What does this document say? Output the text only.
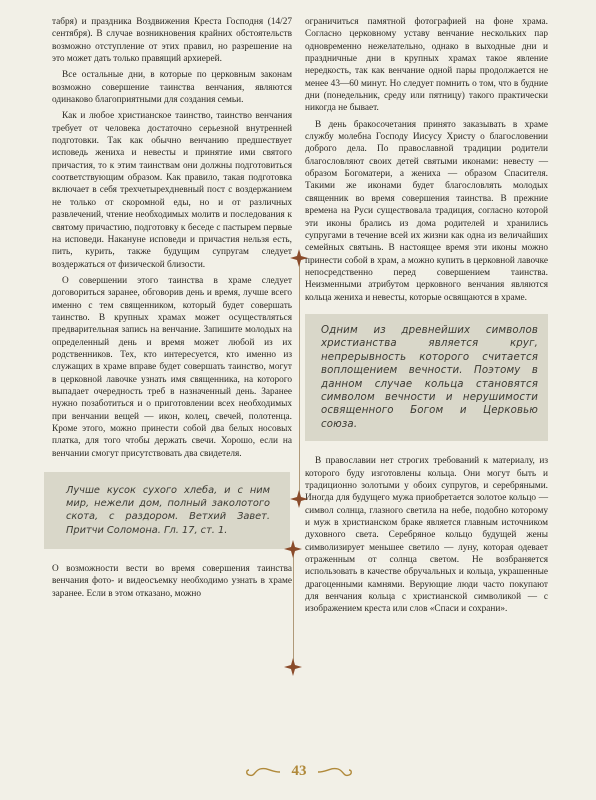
табря) и праздника Воздвижения Креста Господня (14/27 сентября). В случае возникновения крайних обстоятельств возможно отступление от этих правил, но разрешение на это может дать только правящий архиерей.

Все остальные дни, в которые по церковным законам возможно совершение таинства венчания, являются одинаково благоприятными для создания семьи.

Как и любое христианское таинство, таинство венчания требует от человека достаточно серьезной внутренней подготовки. Так как обычно венчанию предшествует исповедь жениха и невесты и принятие ими святого причастия, то к этим таинствам они должны подготовиться соответствующим образом. Как правило, такая подготовка включает в себя трехчетырехдневный пост с воздержанием не только от скоромной еды, но и от различных развлечений, чтение необходимых молитв и последования к святому причастию, подготовку к беседе с пастырем первые на исповеди. Накануне исповеди и причастия нельзя есть, пить, курить, также будущим супругам следует воздержаться от физической близости.

О совершении этого таинства в храме следует договориться заранее, обговорив день и время, лучше всего именно с тем священником, который будет совершать таинство. В крупных храмах может осуществляться предварительная запись на венчание. Запишите молодых на определенный день и время может любой из их родственников. Тех, кто интересуется, кто именно из служащих в храме вправе будет совершать таинство, могут в церковной лавочке узнать имя священника, на которого выпадает очередность треб в назначенный день. Заранее нужно позаботиться и о приготовлении всех необходимых при венчании вещей — икон, колец, свечей, полотенца. Кроме этого, можно принести собой два белых носовых платка, для того чтобы держать свечи. Хорошо, если на венчании смогут присутствовать два свидетеля.

Лучше кусок сухого хлеба, и с ним мир, нежели дом, полный заколотого скота, с раздором. Ветхий Завет. Притчи Соломона. Гл. 17, ст. 1.

О возможности вести во время совершения таинства венчания фото- и видеосъемку необходимо узнать в храме заранее. Если в этом отказано, можно

ограничиться памятной фотографией на фоне храма. Согласно церковному уставу венчание нескольких пар одновременно нежелательно, однако в выходные дни и праздничные дни в крупных храмах такое явление нередкость, так как венчание одной пары продолжается не менее 43—60 минут. Но следует помнить о том, что в будние дни (понедельник, среду или пятницу) такого практически никогда не бывает.

В день бракосочетания принято заказывать в храме службу молебна Господу Иисусу Христу о благословении доброго дела. По православной традиции родители благословляют своих детей святыми иконами: невесту — образом Богоматери, а жениха — образом Спасителя. Такими же иконами будет благословлять молодых священник во время совершения таинства. В прежние времена на Руси существовала традиция, согласно которой эти иконы брались из дома родителей и хранились супругами в течение всей их жизни как одна из величайших семейных святынь. В настоящее время эти иконы можно принести собой в храм, а можно купить в церковной лавочке непосредственно перед совершением таинства. Неизменными атрибутом церковного венчания являются кольца жениха и невесты, которые освящаются в храме.

Одним из древнейших символов христианства является круг, непрерывность которого считается воплощением вечности. Поэтому в данном случае кольца становятся символом вечности и нерушимости освященного Богом и Церковью союза.

В православии нет строгих требований к материалу, из которого буду изготовлены кольца. Они могут быть и традиционно золотыми у обоих супругов, и серебряными. Иногда для будущего мужа приобретается золотое кольцо — символ солнца, глазного светила на небе, подобно которому и муж в христианском браке является главным источником духовного света. Серебряное кольцо будущей жены символизирует меньшее светило — луну, которая одевает отраженным от солнца светом. Не возбраняется использовать в качестве обручальных и кольца, украшенные драгоценными камнями. Верующие люди часто покупают для венчания кольца с христианской символикой — с изображением креста или слов «Спаси и сохрани».

43
